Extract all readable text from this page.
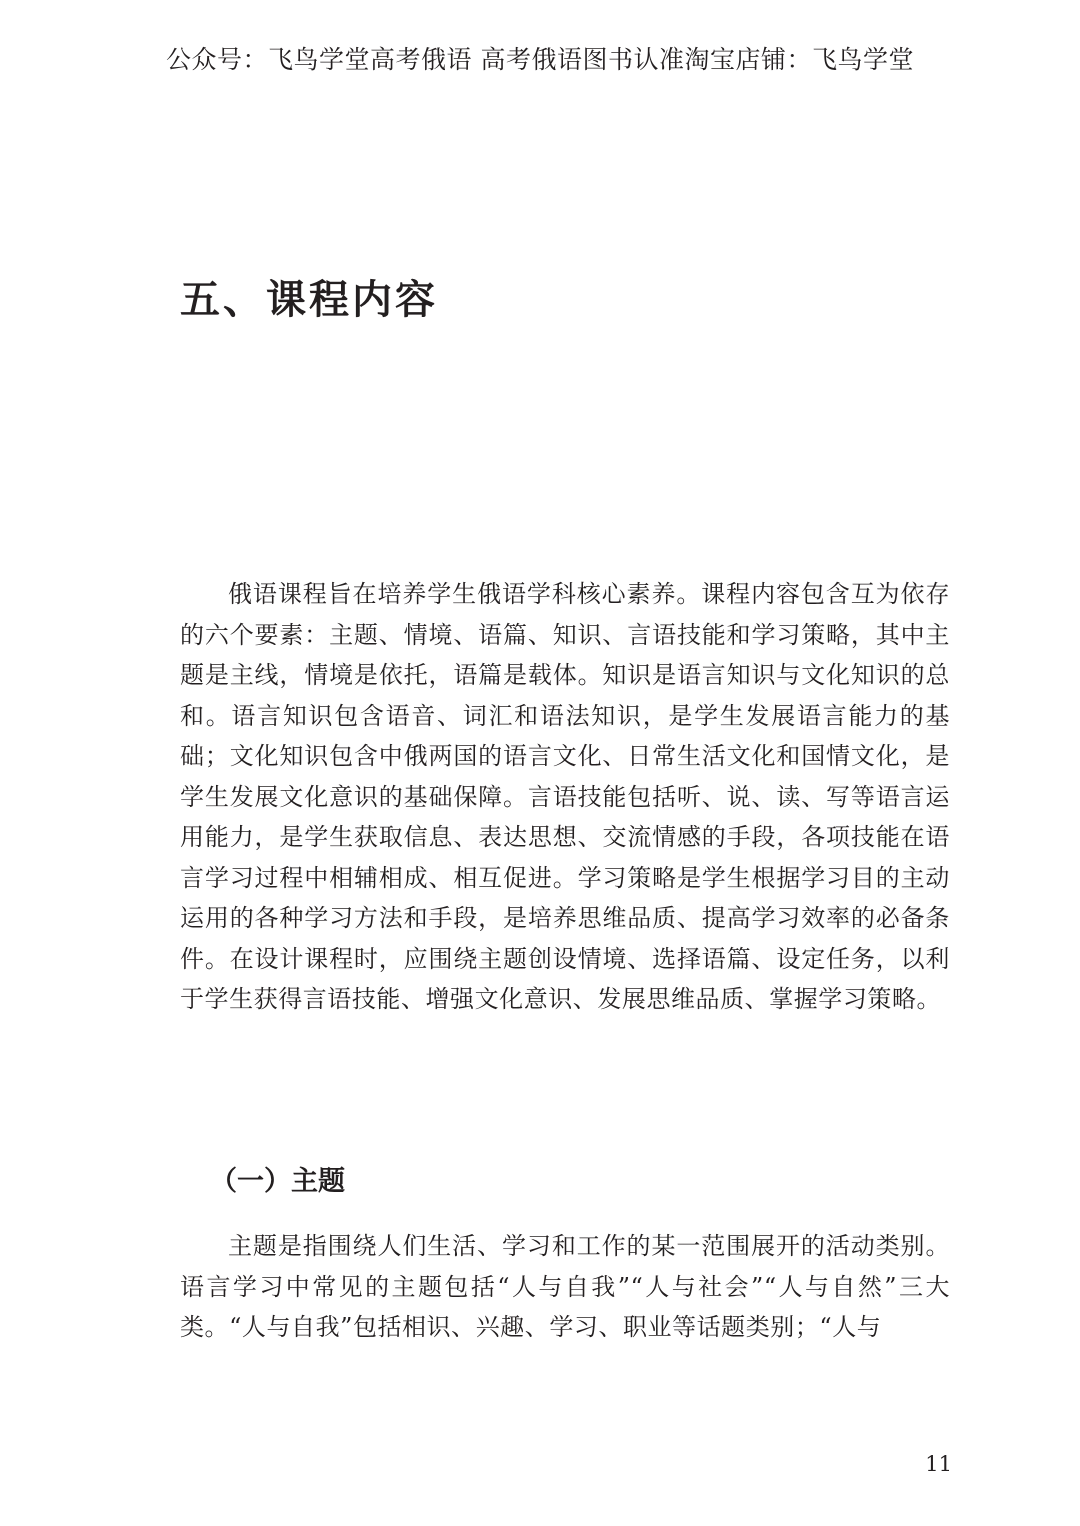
公众号：飞鸟学堂高考俄语 高考俄语图书认准淘宝店铺：飞鸟学堂
五、课程内容

俄语课程旨在培养学生俄语学科核心素养。课程内容包含互为依存的六个要素：主题、情境、语篇、知识、言语技能和学习策略，其中主题是主线，情境是依托，语篇是载体。知识是语言知识与文化知识的总和。语言知识包含语音、词汇和语法知识，是学生发展语言能力的基础；文化知识包含中俄两国的语言文化、日常生活文化和国情文化，是学生发展文化意识的基础保障。言语技能包括听、说、读、写等语言运用能力，是学生获取信息、表达思想、交流情感的手段，各项技能在语言学习过程中相辅相成、相互促进。学习策略是学生根据学习目的主动运用的各种学习方法和手段，是培养思维品质、提高学习效率的必备条件。在设计课程时，应围绕主题创设情境、选择语篇、设定任务，以利于学生获得言语技能、增强文化意识、发展思维品质、掌握学习策略。

（一）主题

主题是指围绕人们生活、学习和工作的某一范围展开的活动类别。语言学习中常见的主题包括“人与自我”“人与社会”“人与自然”三大类。“人与自我”包括相识、兴趣、学习、职业等话题类别；“人与

11
